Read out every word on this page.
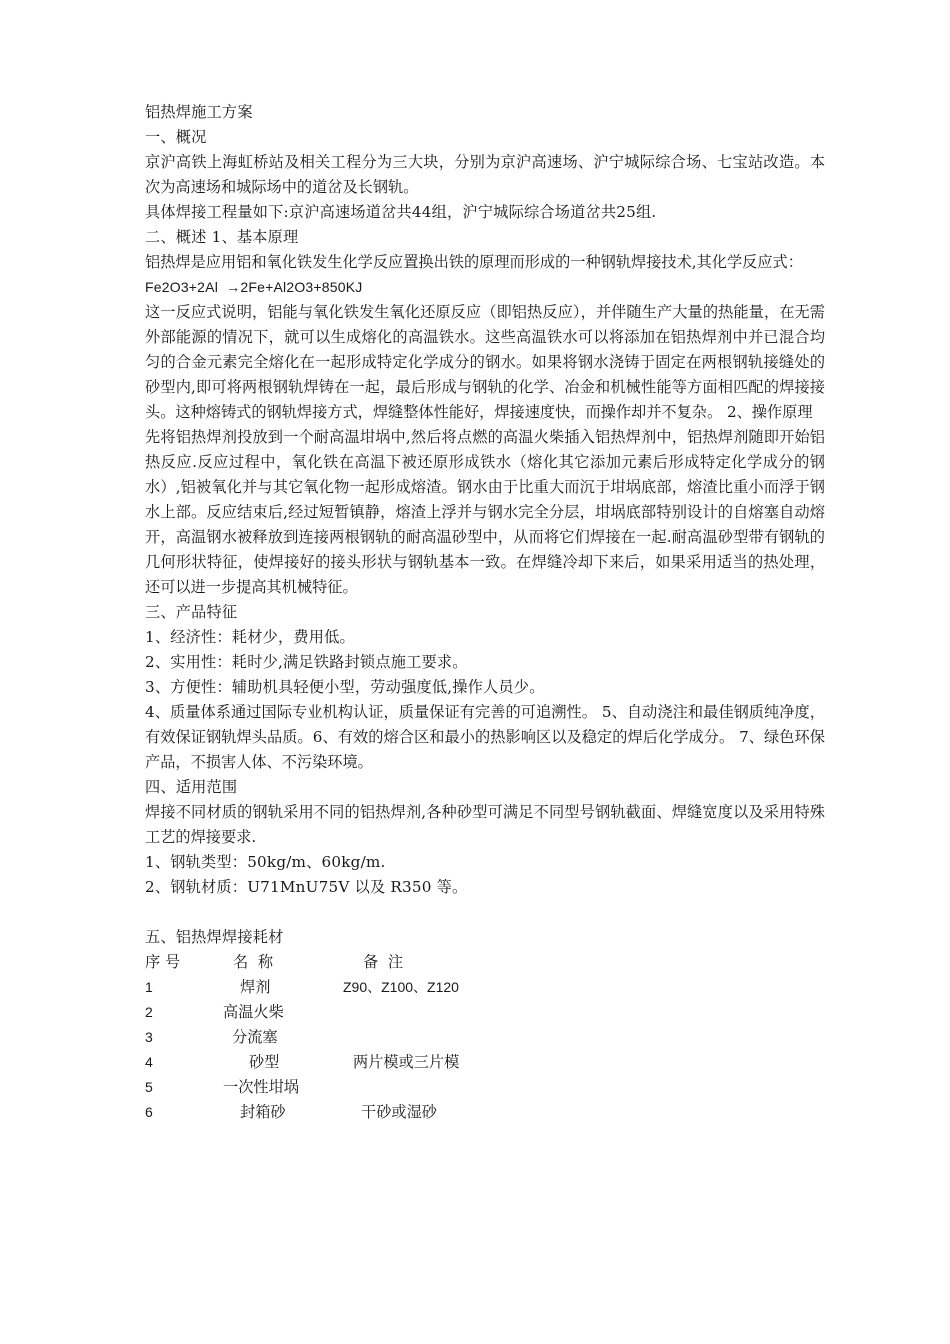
铝热焊施工方案
一、概况
京沪高铁上海虹桥站及相关工程分为三大块，分别为京沪高速场、沪宁城际综合场、七宝站改造。本次为高速场和城际场中的道岔及长钢轨。
具体焊接工程量如下:京沪高速场道岔共44组，沪宁城际综合场道岔共25组.
二、概述 1、基本原理
铝热焊是应用铝和氧化铁发生化学反应置换出铁的原理而形成的一种钢轨焊接技术,其化学反应式：
Fe2O3+2Al  →2Fe+Al2O3+850KJ
这一反应式说明，铝能与氧化铁发生氧化还原反应（即铝热反应），并伴随生产大量的热能量，在无需外部能源的情况下，就可以生成熔化的高温铁水。这些高温铁水可以将添加在铝热焊剂中并已混合均匀的合金元素完全熔化在一起形成特定化学成分的钢水。如果将钢水浇铸于固定在两根钢轨接缝处的砂型内,即可将两根钢轨焊铸在一起，最后形成与钢轨的化学、冶金和机械性能等方面相匹配的焊接接头。这种熔铸式的钢轨焊接方式，焊缝整体性能好，焊接速度快，而操作却并不复杂。 2、操作原理
先将铝热焊剂投放到一个耐高温坩埚中,然后将点燃的高温火柴插入铝热焊剂中，铝热焊剂随即开始铝热反应.反应过程中，氧化铁在高温下被还原形成铁水（熔化其它添加元素后形成特定化学成分的钢水）,铝被氧化并与其它氧化物一起形成熔渣。钢水由于比重大而沉于坩埚底部，熔渣比重小而浮于钢水上部。反应结束后,经过短暂镇静，熔渣上浮并与钢水完全分层，坩埚底部特别设计的自熔塞自动熔开，高温钢水被释放到连接两根钢轨的耐高温砂型中，从而将它们焊接在一起.耐高温砂型带有钢轨的几何形状特征，使焊接好的接头形状与钢轨基本一致。在焊缝冷却下来后，如果采用适当的热处理，还可以进一步提高其机械特征。
三、产品特征
1、经济性：耗材少，费用低。
2、实用性：耗时少,满足铁路封锁点施工要求。
3、方便性：辅助机具轻便小型，劳动强度低,操作人员少。
4、质量体系通过国际专业机构认证，质量保证有完善的可追溯性。 5、自动浇注和最佳钢质纯净度，有效保证钢轨焊头品质。6、有效的熔合区和最小的热影响区以及稳定的焊后化学成分。 7、绿色环保产品，不损害人体、不污染环境。
四、适用范围
焊接不同材质的钢轨采用不同的铝热焊剂,各种砂型可满足不同型号钢轨截面、焊缝宽度以及采用特殊工艺的焊接要求.
1、钢轨类型：50kg/m、60kg/m.
2、钢轨材质：U71MnU75V 以及 R350 等。
五、铝热焊焊接耗材
序 号	名  称	备  注
1	焊剂	Z90、Z100、Z120
2	高温火柴
3	分流塞
4	砂型	两片模或三片模
5	一次性坩埚
6	封箱砂	干砂或湿砂
